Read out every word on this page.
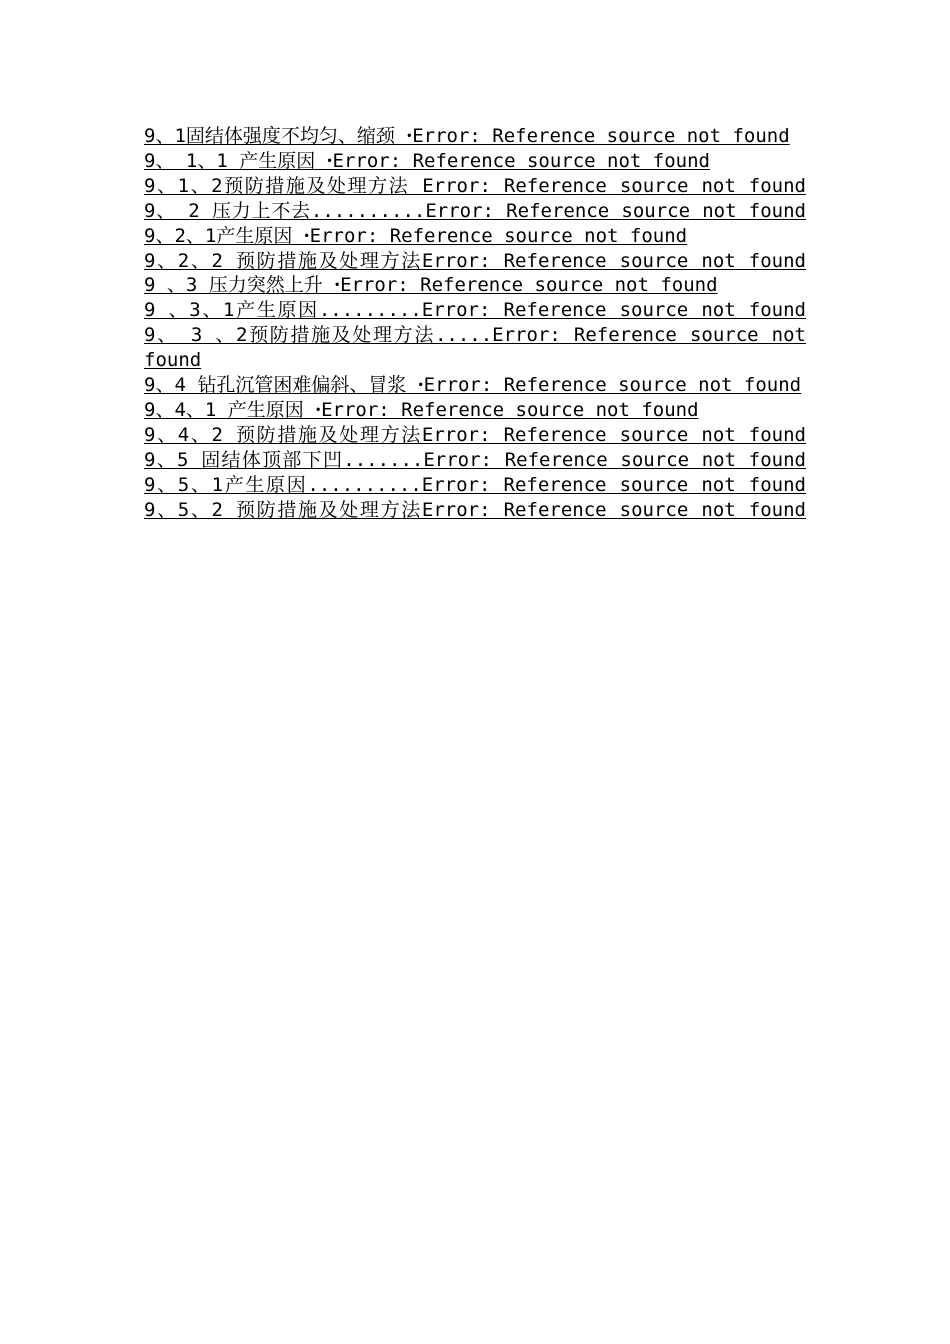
9、1固结体强度不均匀、缩颈 ꞏError: Reference source not found
9、 1、1 产生原因 ꞏError: Reference source not found
9、1、2预防措施及处理方法 Error: Reference source not found
9、 2 压力上不去..........Error: Reference source not found
9、2、1产生原因 ꞏError: Reference source not found
9、2、2 预防措施及处理方法Error: Reference source not found
9 、3 压力突然上升 ꞏError: Reference source not found
9 、3、1产生原因.........Error: Reference source not found
9、 3 、2预防措施及处理方法.....Error: Reference source not found
9、4 钻孔沉管困难偏斜、冒浆 ꞏError: Reference source not found
9、4、1 产生原因 ꞏError: Reference source not found
9、4、2 预防措施及处理方法Error: Reference source not found
9、5 固结体顶部下凹.......Error: Reference source not found
9、5、1产生原因..........Error: Reference source not found
9、5、2 预防措施及处理方法Error: Reference source not found
